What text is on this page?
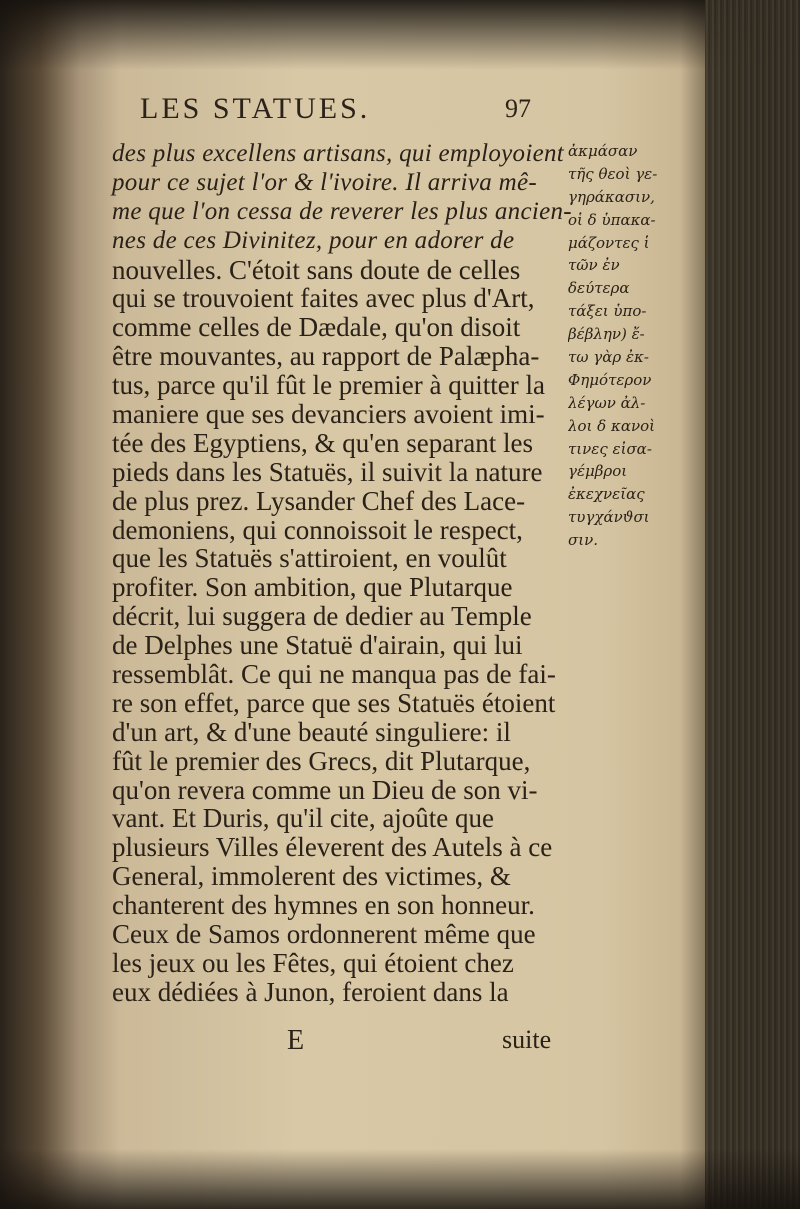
LES STATUES.	97
des plus excellens artisans, qui employoient
pour ce sujet l'or & l'ivoire. Il arriva mê-
me que l'on cessa de reverer les plus ancien-
nes de ces Divinitez, pour en adorer de
nouvelles. C'étoit sans doute de celles
qui se trouvoient faites avec plus d'Art,
comme celles de Dædale, qu'on disoit
être mouvantes, au rapport de Palæpha-
tus, parce qu'il fût le premier à quitter la
maniere que ses devanciers avoient imi-
tée des Egyptiens, & qu'en separant les
pieds dans les Statuës, il suivit la nature
de plus prez. Lysander Chef des Lace-
demoniens, qui connoissoit le respect,
que les Statuës s'attiroient, en voulût
profiter. Son ambition, que Plutarque
décrit, lui suggera de dedier au Temple
de Delphes une Statuë d'airain, qui lui
ressemblât. Ce qui ne manqua pas de fai-
re son effet, parce que ses Statuës étoient
d'un art, & d'une beauté singuliere: il
fût le premier des Grecs, dit Plutarque,
qu'on revera comme un Dieu de son vi-
vant. Et Duris, qu'il cite, ajoûte que
plusieurs Villes éleverent des Autels à ce
General, immolerent des victimes, &
chanterent des hymnes en son honneur.
Ceux de Samos ordonnerent même que
les jeux ou les Fêtes, qui étoient chez
eux dédiées à Junon, feroient dans la
ἀκμάσαν
τῆς θεοὶ γε-
γηράκασιν,
οἱ δ ὑπακα-
μάζοντες ἱ
τῶν ἐν
δεύτερα
τάξει ὑπο-
βέβλην) ἔ-
τω γὰρ ἐκ-
Φημότερον
λέγων ἀλ-
λοι δ κανοὶ
τινες εἰσα-
γέμβροι
ἐκεχνεῖας
τυγχάνϑσι
σιν.
E	suite
